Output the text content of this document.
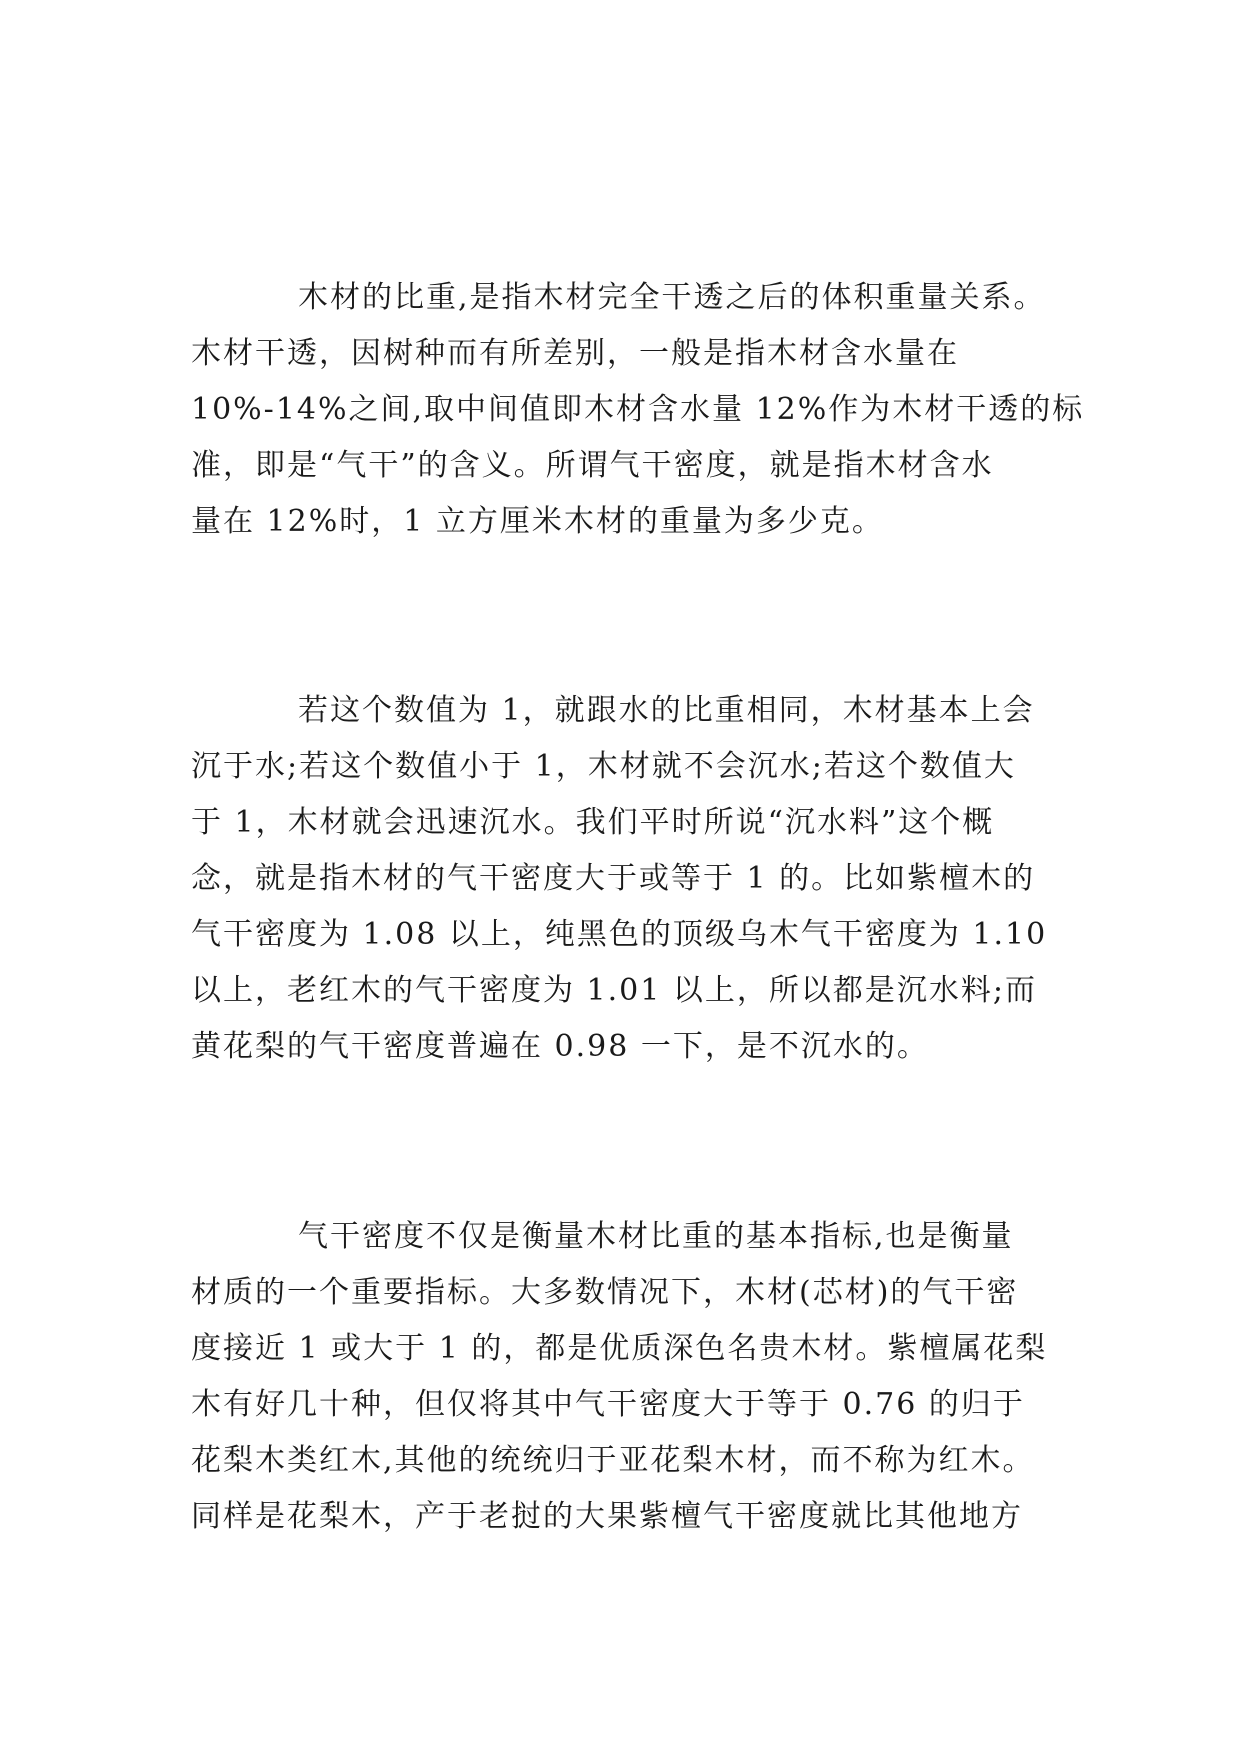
木材的比重,是指木材完全干透之后的体积重量关系。
木材干透，因树种而有所差别，一般是指木材含水量在
10%-14%之间,取中间值即木材含水量 12%作为木材干透的标
准，即是“气干”的含义。所谓气干密度，就是指木材含水
量在 12%时，1 立方厘米木材的重量为多少克。
若这个数值为 1，就跟水的比重相同，木材基本上会
沉于水;若这个数值小于 1，木材就不会沉水;若这个数值大
于 1，木材就会迅速沉水。我们平时所说“沉水料”这个概
念，就是指木材的气干密度大于或等于 1 的。比如紫檀木的
气干密度为 1.08 以上，纯黑色的顶级乌木气干密度为 1.10
以上，老红木的气干密度为 1.01 以上，所以都是沉水料;而
黄花梨的气干密度普遍在 0.98 一下，是不沉水的。
气干密度不仅是衡量木材比重的基本指标,也是衡量
材质的一个重要指标。大多数情况下，木材(芯材)的气干密
度接近 1 或大于 1 的，都是优质深色名贵木材。紫檀属花梨
木有好几十种，但仅将其中气干密度大于等于 0.76 的归于
花梨木类红木,其他的统统归于亚花梨木材，而不称为红木。
同样是花梨木，产于老挝的大果紫檀气干密度就比其他地方
